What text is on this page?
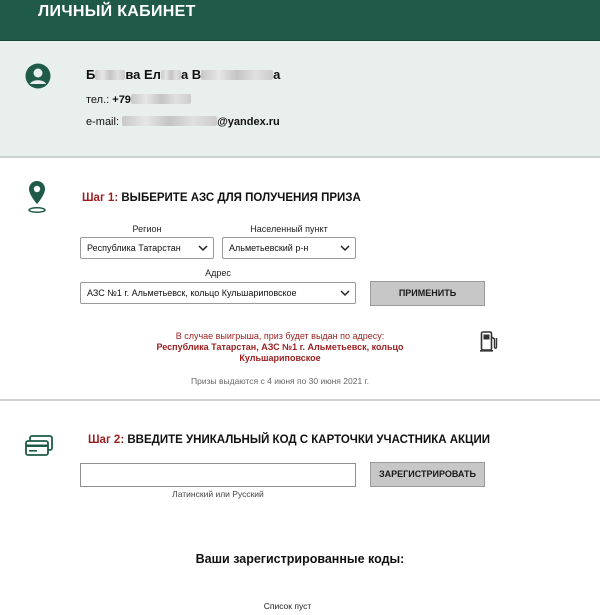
ЛИЧНЫЙ КАБИНЕТ
Б ва Ел а В	а
тел.: +79
e-mail:	@yandex.ru
Шаг 1: ВЫБЕРИТЕ АЗС ДЛЯ ПОЛУЧЕНИЯ ПРИЗА
Регион
Республика Татарстан
Населенный пункт
Альметьевский р-н
Адрес
АЗС №1 г. Альметьевск, кольцо Кульшариповское	ПРИМЕНИТЬ
В случае выигрыша, приз будет выдан по адресу:
Республика Татарстан, АЗС №1 г. Альметьевск, кольцо
Кульшариповское
Призы выдаются с 4 июня по 30 июня 2021 г.
Шаг 2: ВВЕДИТЕ УНИКАЛЬНЫЙ КОД С КАРТОЧКИ УЧАСТНИКА АКЦИИ
ЗАРЕГИСТРИРОВАТЬ
Латинский или Русский
Ваши зарегистрированные коды:
Список пуст
